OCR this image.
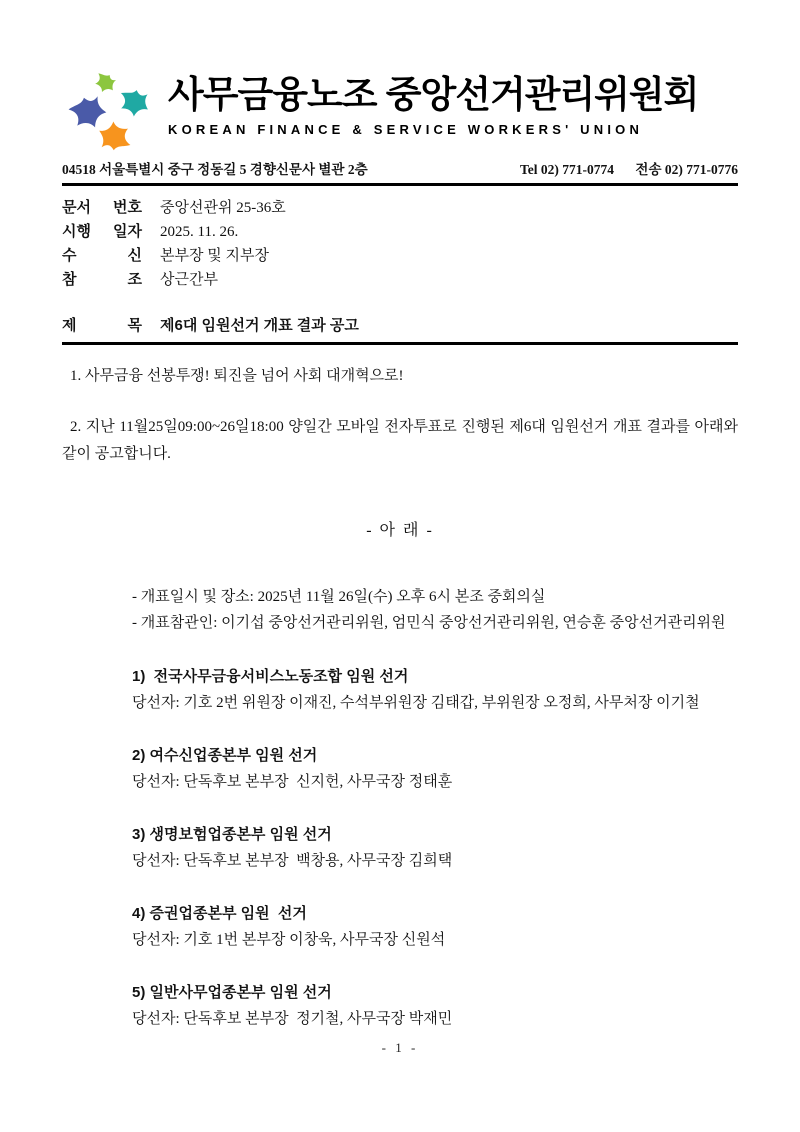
사무금융노조 중앙선거관리위원회
KOREAN FINANCE & SERVICE WORKERS' UNION
04518 서울특별시 중구 정동길 5 경향신문사 별관 2층	Tel 02) 771-0774 전송 02) 771-0776
문서 번호 중앙선관위 25-36호
시행 일자 2025. 11. 26.
수 신 본부장 및 지부장
참 조 상근간부
제 목 제6대 임원선거 개표 결과 공고

1. 사무금융 선봉투쟁! 퇴진을 넘어 사회 대개혁으로!

2. 지난 11월25일09:00~26일18:00 양일간 모바일 전자투표로 진행된 제6대 임원선거 개표 결과를 아래와 같이 공고합니다.

- 아 래 -
- 개표일시 및 장소: 2025년 11월 26일(수) 오후 6시 본조 중회의실
- 개표참관인: 이기섭 중앙선거관리위원, 엄민식 중앙선거관리위원, 연승훈 중앙선거관리위원
1)  전국사무금융서비스노동조합 임원 선거
당선자: 기호 2번 위원장 이재진, 수석부위원장 김태갑, 부위원장 오정희, 사무처장 이기철
2) 여수신업종본부 임원 선거
당선자: 단독후보 본부장  신지헌, 사무국장 정태훈
3) 생명보험업종본부 임원 선거
당선자: 단독후보 본부장  백창용, 사무국장 김희택
4) 증권업종본부 임원  선거
당선자: 기호 1번 본부장 이창욱, 사무국장 신원석
5) 일반사무업종본부 임원 선거
당선자: 단독후보 본부장  정기철, 사무국장 박재민
- 1 -
